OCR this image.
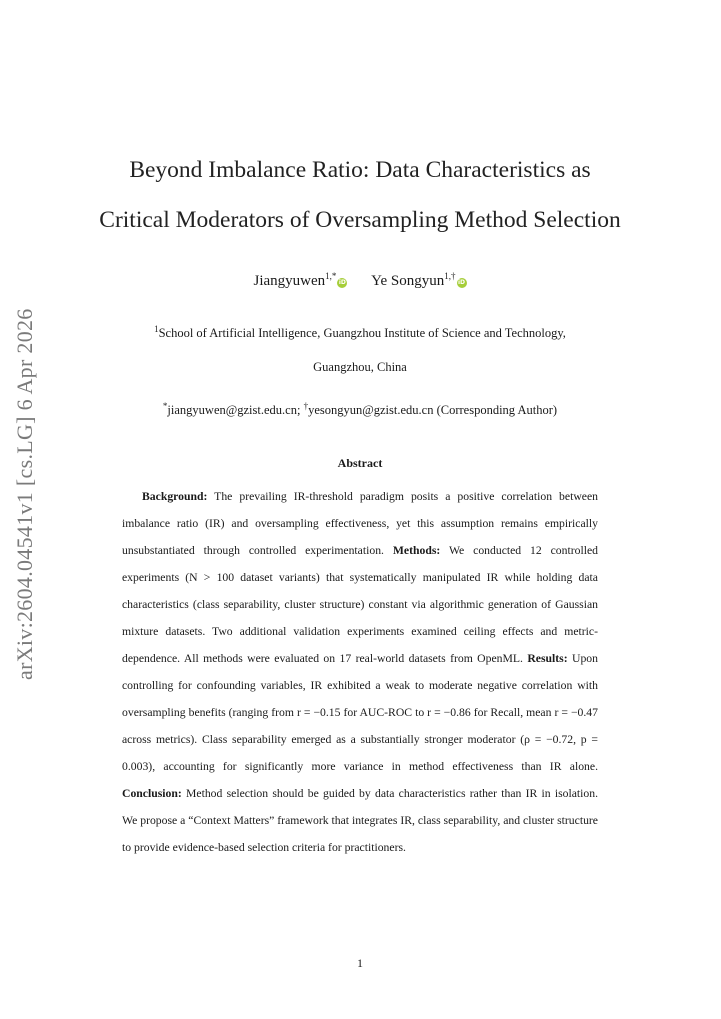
arXiv:2604.04541v1 [cs.LG] 6 Apr 2026
Beyond Imbalance Ratio: Data Characteristics as
Critical Moderators of Oversampling Method Selection
Jiangyuwen$^{1,*}$iD Ye Songyun$^{1,\dagger}$iD
$^1$School of Artificial Intelligence, Guangzhou Institute of Science and Technology,
Guangzhou, China
*jiangyuwen@gzist.edu.cn; †yesongyun@gzist.edu.cn (Corresponding Author)
Abstract

Background: The prevailing IR-threshold paradigm posits a positive correlation between imbalance ratio (IR) and oversampling effectiveness, yet this assumption remains empirically unsubstantiated through controlled experimentation. Methods: We conducted 12 controlled experiments (N > 100 dataset variants) that systematically manipulated IR while holding data characteristics (class separability, cluster structure) constant via algorithmic generation of Gaussian mixture datasets. Two additional validation experiments examined ceiling effects and metric-dependence. All methods were evaluated on 17 real-world datasets from OpenML. Results: Upon controlling for confounding variables, IR exhibited a weak to moderate negative correlation with oversampling benefits (ranging from r = −0.15 for AUC-ROC to r = −0.86 for Recall, mean r = −0.47 across metrics). Class separability emerged as a substantially stronger moderator (ρ = −0.72, p = 0.003), accounting for significantly more variance in method effectiveness than IR alone. Conclusion: Method selection should be guided by data characteristics rather than IR in isolation. We propose a “Context Matters” framework that integrates IR, class separability, and cluster structure to provide evidence-based selection criteria for practitioners.

1
